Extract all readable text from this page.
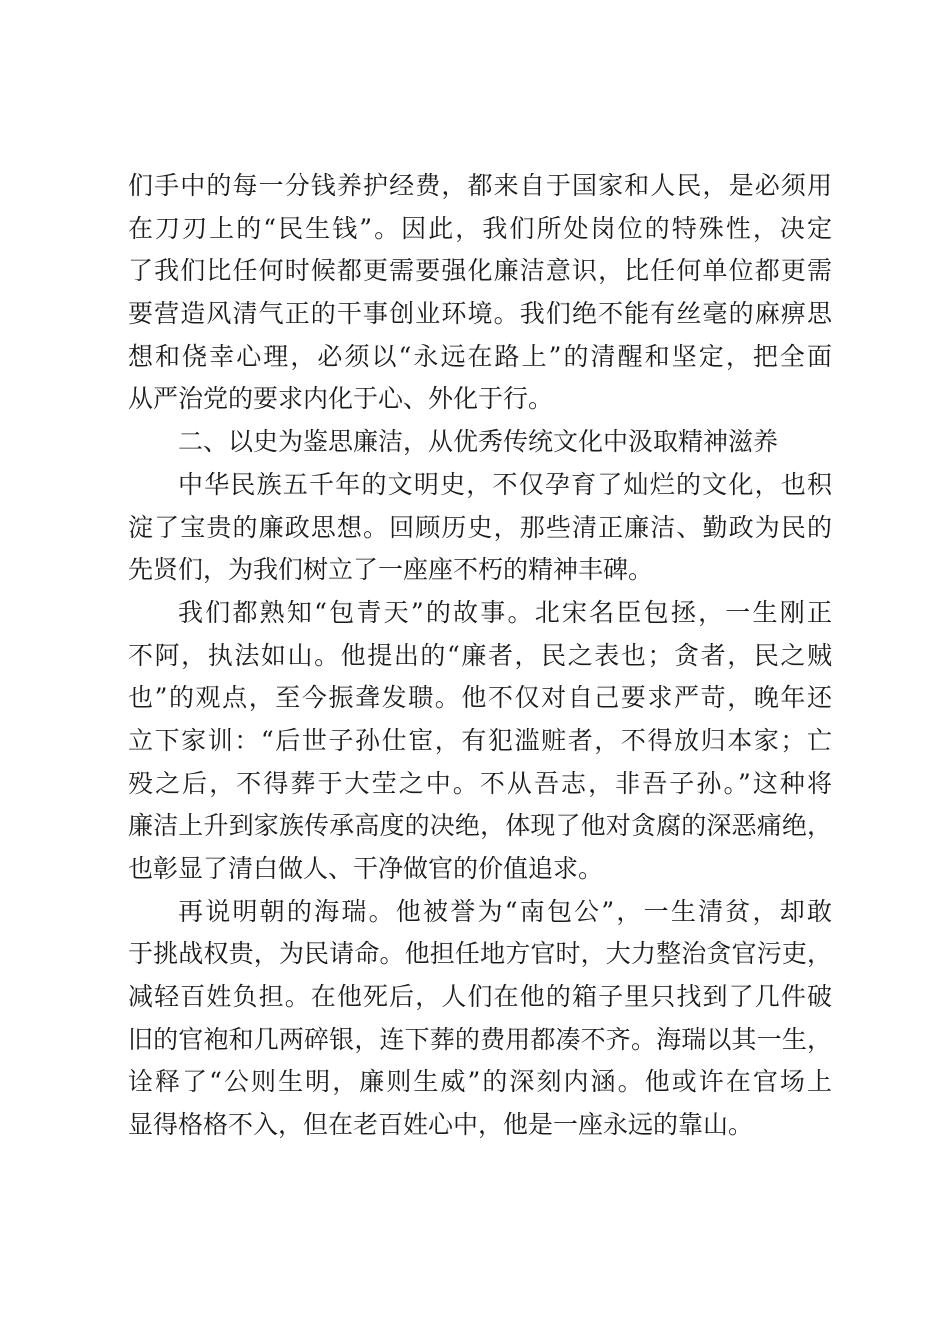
们手中的每一分钱养护经费，都来自于国家和人民，是必须用
在刀刃上的“民生钱”。因此，我们所处岗位的特殊性，决定
了我们比任何时候都更需要强化廉洁意识，比任何单位都更需
要营造风清气正的干事创业环境。我们绝不能有丝毫的麻痹思
想和侥幸心理，必须以“永远在路上”的清醒和坚定，把全面
从严治党的要求内化于心、外化于行。
二、以史为鉴思廉洁，从优秀传统文化中汲取精神滋养
中华民族五千年的文明史，不仅孕育了灿烂的文化，也积
淀了宝贵的廉政思想。回顾历史，那些清正廉洁、勤政为民的
先贤们，为我们树立了一座座不朽的精神丰碑。
我们都熟知“包青天”的故事。北宋名臣包拯，一生刚正
不阿，执法如山。他提出的“廉者，民之表也；贪者，民之贼
也”的观点，至今振聋发聩。他不仅对自己要求严苛，晚年还
立下家训：“后世子孙仕宦，有犯滥赃者，不得放归本家；亡
殁之后，不得葬于大茔之中。不从吾志，非吾子孙。”这种将
廉洁上升到家族传承高度的决绝，体现了他对贪腐的深恶痛绝，
也彰显了清白做人、干净做官的价值追求。
再说明朝的海瑞。他被誉为“南包公”，一生清贫，却敢
于挑战权贵，为民请命。他担任地方官时，大力整治贪官污吏，
减轻百姓负担。在他死后，人们在他的箱子里只找到了几件破
旧的官袍和几两碎银，连下葬的费用都凑不齐。海瑞以其一生，
诠释了“公则生明，廉则生威”的深刻内涵。他或许在官场上
显得格格不入，但在老百姓心中，他是一座永远的靠山。
